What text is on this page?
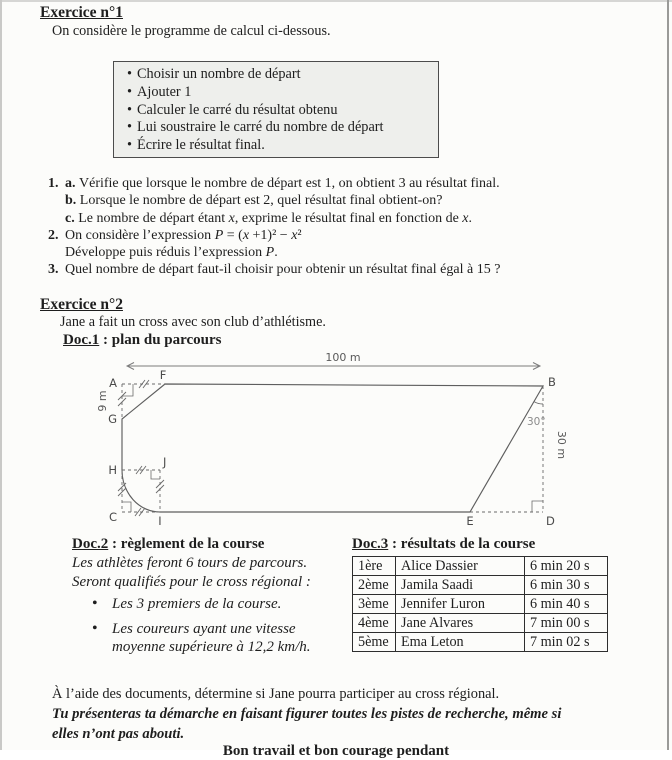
Exercice n°1
On considère le programme de calcul ci-dessous.
• Choisir un nombre de départ
• Ajouter 1
• Calculer le carré du résultat obtenu
• Lui soustraire le carré du nombre de départ
• Écrire le résultat final.
1. a. Vérifie que lorsque le nombre de départ est 1, on obtient 3 au résultat final.
b. Lorsque le nombre de départ est 2, quel résultat final obtient-on?
c. Le nombre de départ étant x, exprime le résultat final en fonction de x.
2. On considère l’expression P = (x +1)² − x²
Développe puis réduis l’expression P.
3. Quel nombre de départ faut-il choisir pour obtenir un résultat final égal à 15 ?
Exercice n°2
Jane a fait un cross avec son club d’athlétisme.
Doc.1 : plan du parcours
100 m
A
F	B
G
H
J
C	I	E	D
9 m
30 m
30°
Doc.2 : règlement de la course
Les athlètes feront 6 tours de parcours.
Seront qualifiés pour le cross régional :
• Les 3 premiers de la course.
• Les coureurs ayant une vitesse
moyenne supérieure à 12,2 km/h.
Doc.3 : résultats de la course
1ère	Alice Dassier	6 min 20 s
2ème	Jamila Saadi	6 min 30 s
3ème	Jennifer Luron	6 min 40 s
4ème	Jane Alvares	7 min 00 s
5ème	Ema Leton	7 min 02 s
À l’aide des documents, détermine si Jane pourra participer au cross régional.
Tu présenteras ta démarche en faisant figurer toutes les pistes de recherche, même si
elles n’ont pas abouti.
Bon travail et bon courage pendant
